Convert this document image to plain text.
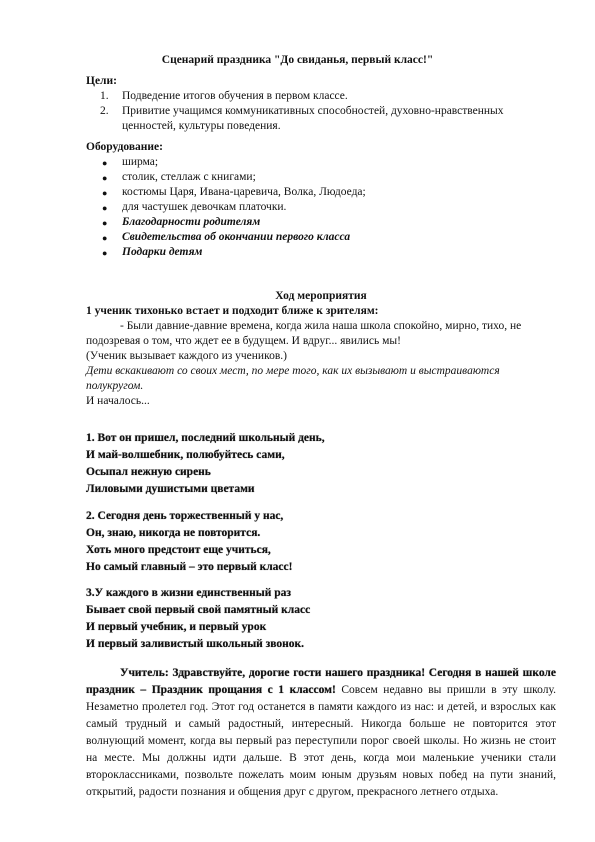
Сценарий праздника "До свиданья, первый класс!"
Цели:
1. Подведение итогов обучения в первом классе.
2. Привитие учащимся коммуникативных способностей, духовно-нравственных ценностей, культуры поведения.
Оборудование:
● ширма;
● столик, стеллаж с книгами;
● костюмы Царя, Ивана-царевича, Волка, Людоеда;
● для частушек девочкам платочки.
● Благодарности родителям
● Свидетельства об окончании первого класса
● Подарки детям
Ход мероприятия
1 ученик тихонько встает и подходит ближе к зрителям:
- Были давние-давние времена, когда жила наша школа спокойно, мирно, тихо, не подозревая о том, что ждет ее в будущем. И вдруг... явились мы!
(Ученик вызывает каждого из учеников.)
Дети вскакивают со своих мест, по мере того, как их вызывают и выстраиваются полукругом.
И началось...
1. Вот он пришел, последний школьный день,
И май-волшебник, полюбуйтесь сами,
Осыпал нежную сирень
Лиловыми душистыми цветами
2. Сегодня день торжественный у нас,
Он, знаю, никогда не повторится.
Хоть много предстоит еще учиться,
Но самый главный – это первый класс!
3.У каждого в жизни единственный раз
Бывает свой первый свой памятный класс
И первый учебник, и первый урок
И первый заливистый школьный звонок.
Учитель: Здравствуйте, дорогие гости нашего праздника! Сегодня в нашей школе праздник – Праздник прощания с 1 классом! Совсем недавно вы пришли в эту школу. Незаметно пролетел год. Этот год останется в памяти каждого из нас: и детей, и взрослых как самый трудный и самый радостный, интересный. Никогда больше не повторится этот волнующий момент, когда вы первый раз переступили порог своей школы. Но жизнь не стоит на месте. Мы должны идти дальше. В этот день, когда мои маленькие ученики стали второклассниками, позвольте пожелать моим юным друзьям новых побед на пути знаний, открытий, радости познания и общения друг с другом, прекрасного летнего отдыха.
